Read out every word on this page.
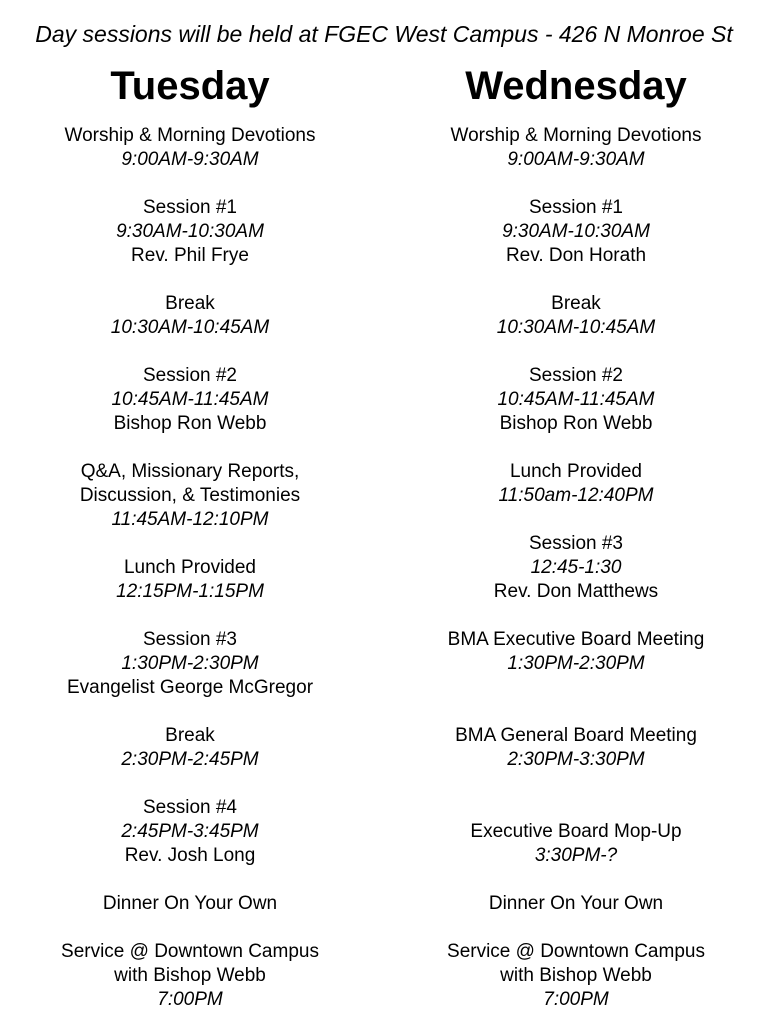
Day sessions will be held at FGEC West Campus - 426 N Monroe St
Tuesday
Worship & Morning Devotions
9:00AM-9:30AM
Session #1
9:30AM-10:30AM
Rev. Phil Frye
Break
10:30AM-10:45AM
Session #2
10:45AM-11:45AM
Bishop Ron Webb
Q&A, Missionary Reports,
Discussion, & Testimonies
11:45AM-12:10PM
Lunch Provided
12:15PM-1:15PM
Session #3
1:30PM-2:30PM
Evangelist George McGregor
Break
2:30PM-2:45PM
Session #4
2:45PM-3:45PM
Rev. Josh Long
Dinner On Your Own
Service @ Downtown Campus
with Bishop Webb
7:00PM
Wednesday
Worship & Morning Devotions
9:00AM-9:30AM
Session #1
9:30AM-10:30AM
Rev. Don Horath
Break
10:30AM-10:45AM
Session #2
10:45AM-11:45AM
Bishop Ron Webb
Lunch Provided
11:50am-12:40PM
Session #3
12:45-1:30
Rev. Don Matthews
BMA Executive Board Meeting
1:30PM-2:30PM
BMA General Board Meeting
2:30PM-3:30PM
Executive Board Mop-Up
3:30PM-?
Dinner On Your Own
Service @ Downtown Campus
with Bishop Webb
7:00PM
